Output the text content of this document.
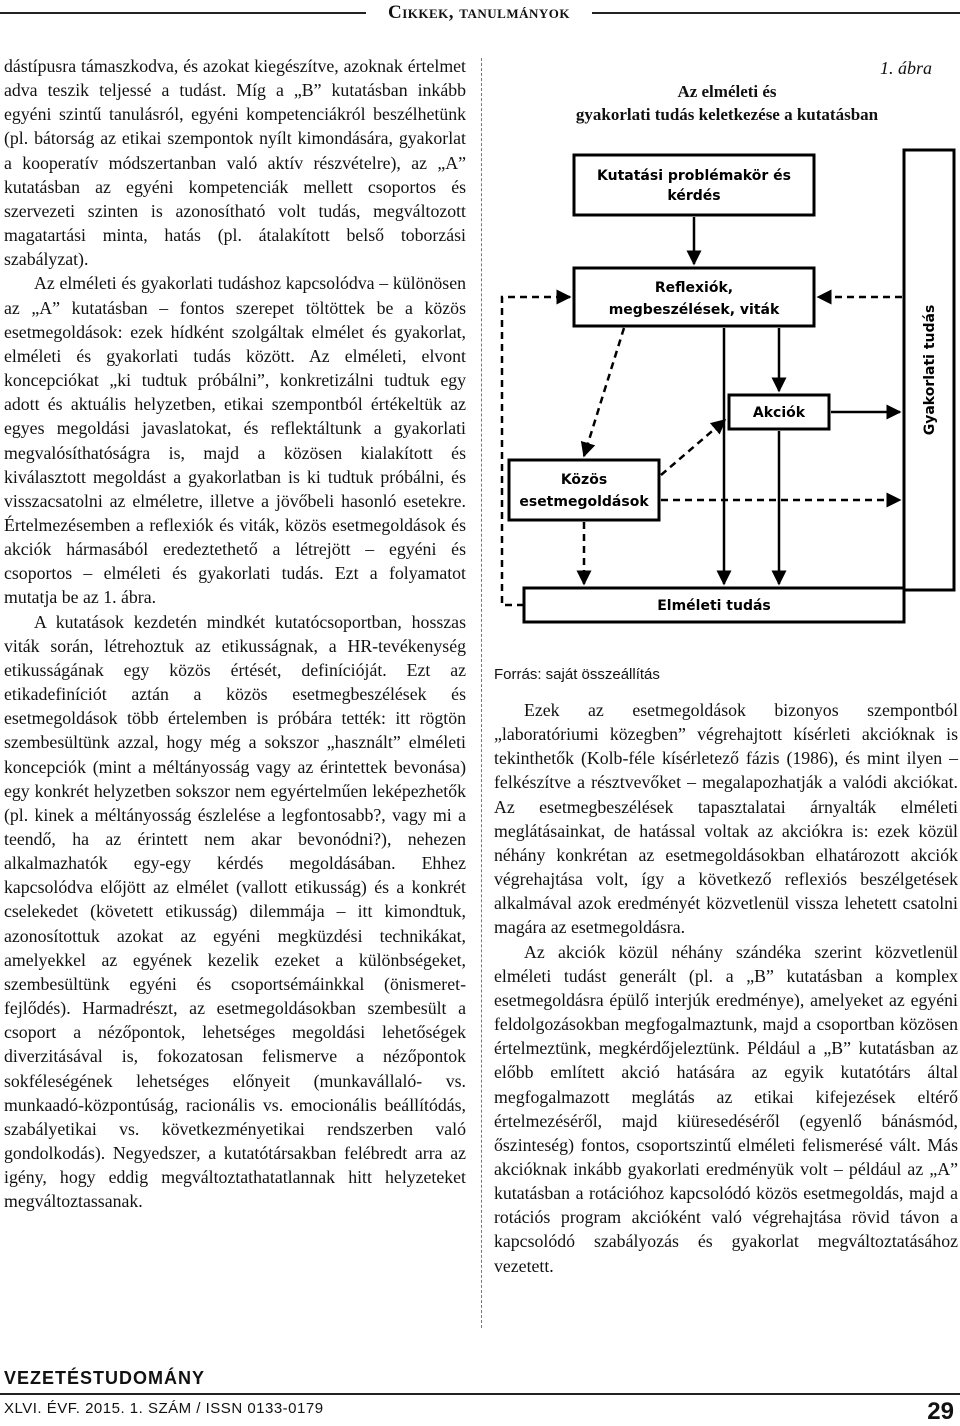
Cikkek, tanulmányok

dástípusra támaszkodva, és azokat kiegészítve, azoknak értelmet adva teszik teljessé a tudást. Míg a „B” kutatásban inkább egyéni szintű tanulásról, egyéni kompetenciákról beszélhetünk (pl. bátorság az etikai szempontok nyílt kimondására, gyakorlat a kooperatív módszertanban való aktív részvételre), az „A” kutatásban az egyéni kompetenciák mellett csoportos és szervezeti szinten is azonosítható volt tudás, megváltozott magatartási minta, hatás (pl. átalakított belső toborzási szabályzat).

Az elméleti és gyakorlati tudáshoz kapcsolódva – különösen az „A” kutatásban – fontos szerepet töltöttek be a közös esetmegoldások: ezek hídként szolgáltak elmélet és gyakorlat, elméleti és gyakorlati tudás között. Az elméleti, elvont koncepciókat „ki tudtuk próbálni”, konkretizálni tudtuk egy adott és aktuális helyzetben, etikai szempontból értékeltük az egyes megoldási javaslatokat, és reflektáltunk a gyakorlati megvalósíthatóságra is, majd a közösen kialakított és kiválasztott megoldást a gyakorlatban is ki tudtuk próbálni, és visszacsatolni az elméletre, illetve a jövőbeli hasonló esetekre. Értelmezésemben a reflexiók és viták, közös esetmegoldások és akciók hármasából eredeztethető a létrejött – egyéni és csoportos – elméleti és gyakorlati tudás. Ezt a folyamatot mutatja be az 1. ábra.

A kutatások kezdetén mindkét kutatócsoportban, hosszas viták során, létrehoztuk az etikusságnak, a HR-tevékenység etikusságának egy közös értését, definícióját. Ezt az etikadefiníciót aztán a közös esetmegbeszélések és esetmegoldások több értelemben is próbára tették: itt rögtön szembesültünk azzal, hogy még a sokszor „használt” elméleti koncepciók (mint a méltányosság vagy az érintettek bevonása) egy konkrét helyzetben sokszor nem egyértelműen leképezhetők (pl. kinek a méltányosság észlelése a legfontosabb?, vagy mi a teendő, ha az érintett nem akar bevonódni?), nehezen alkalmazhatók egy-egy kérdés megoldásában. Ehhez kapcsolódva előjött az elmélet (vallott etikusság) és a konkrét cselekedet (követett etikusság) dilemmája – itt kimondtuk, azonosítottuk azokat az egyéni megküzdési technikákat, amelyekkel az egyének kezelik ezeket a különbségeket, szembesültünk egyéni és csoportsémáinkkal (önismeret-fejlődés). Harmadrészt, az esetmegoldásokban szembesült a csoport a nézőpontok, lehetséges megoldási lehetőségek diverzitásával is, fokozatosan felismerve a nézőpontok sokféleségének lehetséges előnyeit (munkavállaló- vs. munkaadó-központúság, racionális vs. emocionális beállítódás, szabályetikai vs. következményetikai rendszerben való gondolkodás). Negyedszer, a kutatótársakban felébredt arra az igény, hogy eddig megváltoztathatatlannak hitt helyzeteket megváltoztassanak.

1. ábra
Az elméleti és
gyakorlati tudás keletkezése a kutatásban
Kutatási problémakör és
kérdés
Reflexiók,
megbeszélések, viták
Akciók
Közös
esetmegoldások
Gyakorlati tudás
Elméleti tudás
Forrás: saját összeállítás

Ezek az esetmegoldások bizonyos szempontból „laboratóriumi közegben” végrehajtott kísérleti akcióknak is tekinthetők (Kolb-féle kísérletező fázis (1986), és mint ilyen – felkészítve a résztvevőket – megalapozhatják a valódi akciókat. Az esetmegbeszélések tapasztalatai árnyalták elméleti meglátásainkat, de hatással voltak az akciókra is: ezek közül néhány konkrétan az esetmegoldásokban elhatározott akciók végrehajtása volt, így a következő reflexiós beszélgetések alkalmával azok eredményét közvetlenül vissza lehetett csatolni magára az esetmegoldásra.

Az akciók közül néhány szándéka szerint közvetlenül elméleti tudást generált (pl. a „B” kutatásban a komplex esetmegoldásra épülő interjúk eredménye), amelyeket az egyéni feldolgozásokban megfogalmaztunk, majd a csoportban közösen értelmeztünk, megkérdőjeleztünk. Például a „B” kutatásban az előbb említett akció hatására az egyik kutatótárs által megfogalmazott meglátás az etikai kifejezések eltérő értelmezéséről, majd kiüresedéséről (egyenlő bánásmód, őszinteség) fontos, csoportszintű elméleti felismerésé vált. Más akcióknak inkább gyakorlati eredményük volt – például az „A” kutatásban a rotációhoz kapcsolódó közös esetmegoldás, majd a rotációs program akcióként való végrehajtása rövid távon a kapcsolódó szabályozás és gyakorlat megváltoztatásához vezetett.

VEZETÉSTUDOMÁNY
XLVI. ÉVF. 2015. 1. SZÁM / ISSN 0133-0179	29
